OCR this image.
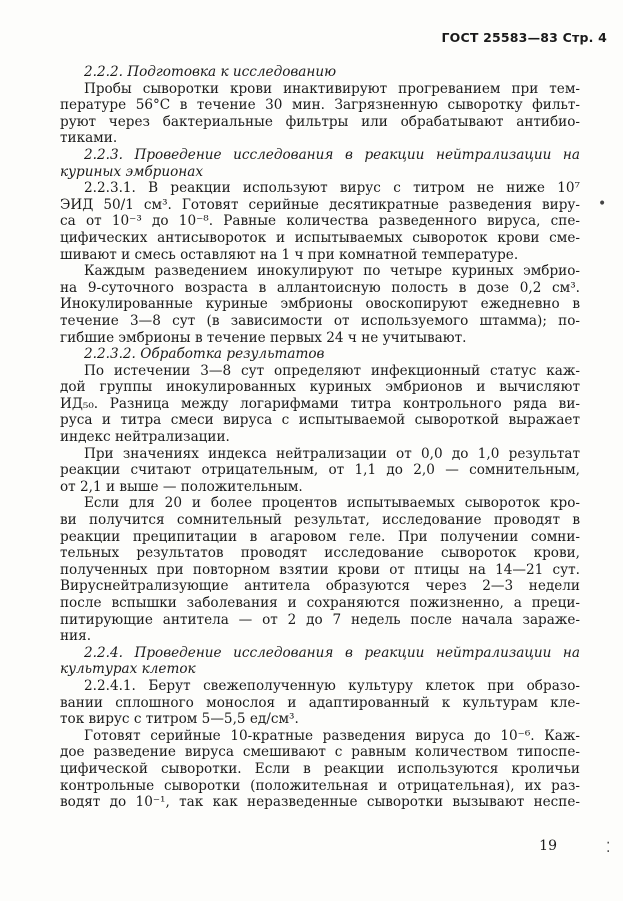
ГОСТ 25583—83 Стр. 4

2.2.2. Подготовка к исследованию

Пробы сыворотки крови инактивируют прогреванием при тем-
пературе 56°С в течение 30 мин. Загрязненную сыворотку фильт-
руют через бактериальные фильтры или обрабатывают антибио-
тиками.

2.2.3. Проведение исследования в реакции нейтрализации на
куриных эмбрионах

2.2.3.1. В реакции используют вирус с титром не ниже 10⁷
ЭИД 50/1 см³. Готовят серийные десятикратные разведения виру-
са от 10⁻³ до 10⁻⁸. Равные количества разведенного вируса, спе-
цифических антисывороток и испытываемых сывороток крови сме-
шивают и смесь оставляют на 1 ч при комнатной температуре.

Каждым разведением инокулируют по четыре куриных эмбрио-
на 9-суточного возраста в аллантоисную полость в дозе 0,2 см³.
Инокулированные куриные эмбрионы овоскопируют ежедневно в
течение 3—8 сут (в зависимости от используемого штамма); по-
гибшие эмбрионы в течение первых 24 ч не учитывают.

2.2.3.2. Обработка результатов

По истечении 3—8 сут определяют инфекционный статус каж-
дой группы инокулированных куриных эмбрионов и вычисляют
ИД₅₀. Разница между логарифмами титра контрольного ряда ви-
руса и титра смеси вируса с испытываемой сывороткой выражает
индекс нейтрализации.

При значениях индекса нейтрализации от 0,0 до 1,0 результат
реакции считают отрицательным, от 1,1 до 2,0 — сомнительным,
от 2,1 и выше — положительным.

Если для 20 и более процентов испытываемых сывороток кро-
ви получится сомнительный результат, исследование проводят в
реакции преципитации в агаровом геле. При получении сомни-
тельных результатов проводят исследование сывороток крови,
полученных при повторном взятии крови от птицы на 14—21 сут.
Вируснейтрализующие антитела образуются через 2—3 недели
после вспышки заболевания и сохраняются пожизненно, а преци-
питирующие антитела — от 2 до 7 недель после начала зараже-
ния.

2.2.4. Проведение исследования в реакции нейтрализации на
культурах клеток

2.2.4.1. Берут свежеполученную культуру клеток при образо-
вании сплошного монослоя и адаптированный к культурам кле-
ток вирус с титром 5—5,5 ед/см³.

Готовят серийные 10-кратные разведения вируса до 10⁻⁶. Каж-
дое разведение вируса смешивают с равным количеством типоспе-
цифической сыворотки. Если в реакции используются кроличьи
контрольные сыворотки (положительная и отрицательная), их раз-
водят до 10⁻¹, так как неразведенные сыворотки вызывают неспе-

19
•
⁚
